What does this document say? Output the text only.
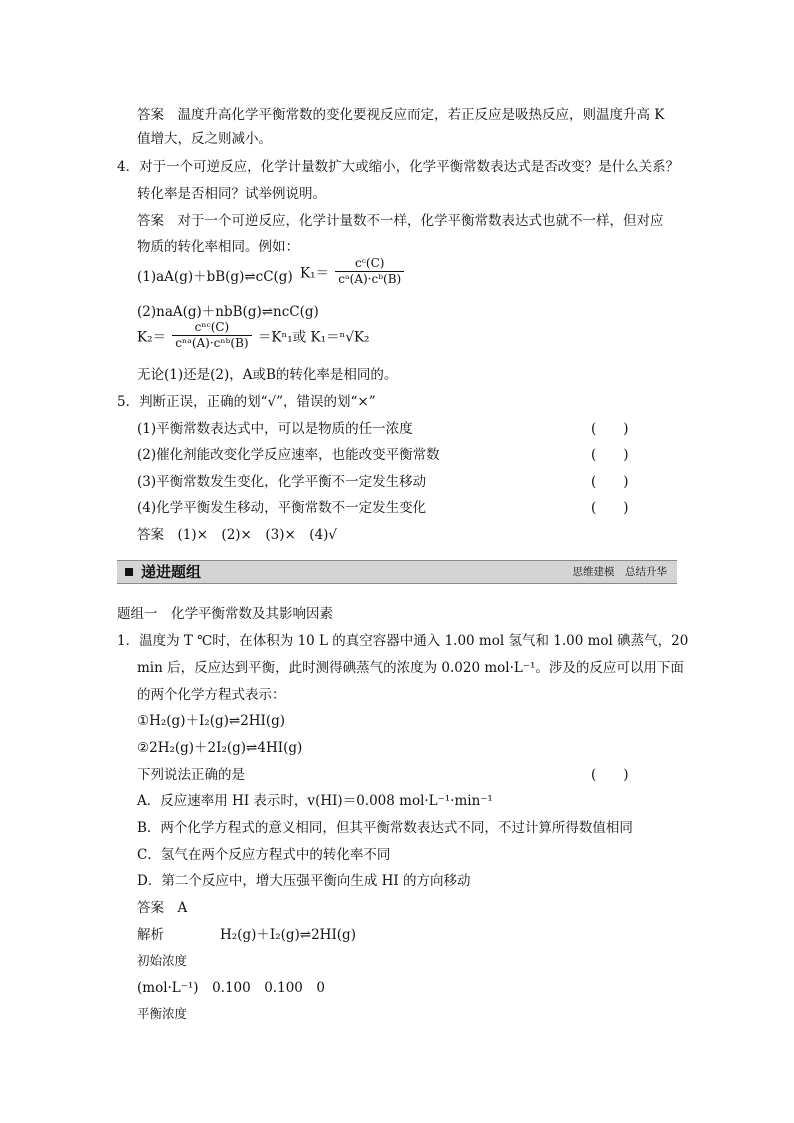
答案　温度升高化学平衡常数的变化要视反应而定，若正反应是吸热反应，则温度升高 K
值增大，反之则减小。
4．对于一个可逆反应，化学计量数扩大或缩小，化学平衡常数表达式是否改变？是什么关系？
转化率是否相同？试举例说明。
答案　对于一个可逆反应，化学计量数不一样，化学平衡常数表达式也就不一样，但对应
物质的转化率相同。例如：
(1)aA(g)＋bB(g)⇌cC(g) $K_1= \frac{\text{cᶜ(C)}}{\text{cᵃ(A)·cᵇ(B)}}$
(2)naA(g)＋nbB(g)⇌ncC(g)
$K_2= \frac{\text{cⁿᶜ(C)}}{\text{cⁿᵃ(A)·cⁿᵇ(B)}} =K^n_1$或 K₁＝ⁿ√K₂
无论(1)还是(2)，A或B的转化率是相同的。
5．判断正误，正确的划“√”，错误的划“×”
(1)平衡常数表达式中，可以是物质的任一浓度	(　　)
(2)催化剂能改变化学反应速率，也能改变平衡常数	(　　)
(3)平衡常数发生变化，化学平衡不一定发生移动	(　　)
(4)化学平衡发生移动，平衡常数不一定发生变化	(　　)
答案　(1)×　(2)×　(3)×　(4)√
递进题组	思维建模　总结升华
题组一　化学平衡常数及其影响因素
1．温度为 T ℃时，在体积为 10 L 的真空容器中通入 1.00 mol 氢气和 1.00 mol 碘蒸气，20
min 后，反应达到平衡，此时测得碘蒸气的浓度为 0.020 mol·L⁻¹。涉及的反应可以用下面
的两个化学方程式表示：
①H₂(g)＋I₂(g)⇌2HI(g)
②2H₂(g)＋2I₂(g)⇌4HI(g)
下列说法正确的是	(　　)
A．反应速率用 HI 表示时，v(HI)＝0.008 mol·L⁻¹·min⁻¹
B．两个化学方程式的意义相同，但其平衡常数表达式不同，不过计算所得数值相同
C．氢气在两个反应方程式中的转化率不同
D．第二个反应中，增大压强平衡向生成 HI 的方向移动
答案　A
解析	H₂(g)＋I₂(g)⇌2HI(g)
初始浓度
(mol·L⁻¹)　0.100　0.100　0
平衡浓度
